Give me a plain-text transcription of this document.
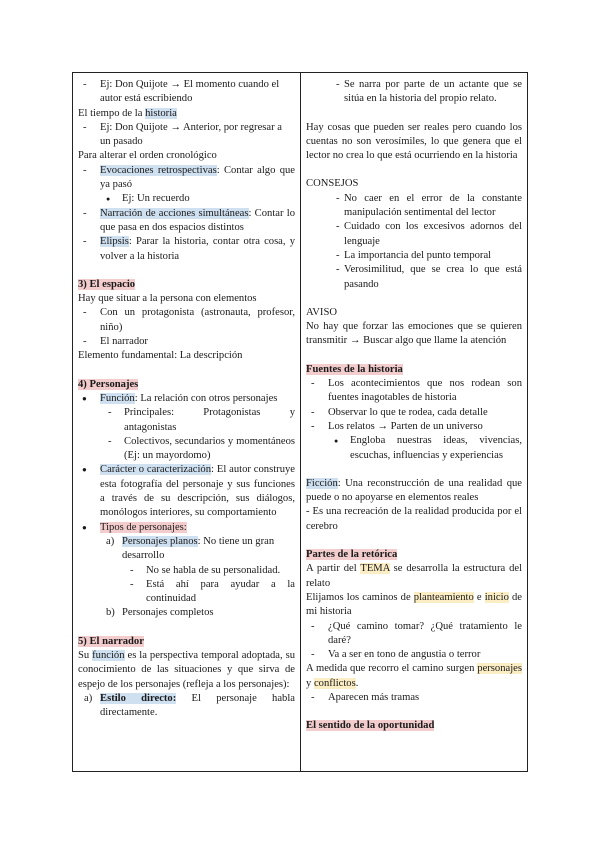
- Ej: Don Quijote → El momento cuando el
autor está escribiendo

El tiempo de la historia

- Ej: Don Quijote → Anterior, por regresar a
un pasado

Para alterar el orden cronológico

- Evocaciones retrospectivas: Contar algo que ya pasó

● Ej: Un recuerdo

- Narración de acciones simultáneas: Contar lo que pasa en dos espacios distintos

- Elipsis: Parar la historia, contar otra cosa, y volver a la historia

3) El espacio

Hay que situar a la persona con elementos

- Con un protagonista (astronauta, profesor, niño)

- El narrador

Elemento fundamental: La descripción

4) Personajes

● Función: La relación con otros personajes

- Principales: Protagonistas y antagonistas

- Colectivos, secundarios y momentáneos (Ej: un mayordomo)

● Carácter o caracterización: El autor construye esta fotografía del personaje y sus funciones a través de su descripción, sus diálogos, monólogos interiores, su comportamiento

● Tipos de personajes:

a) Personajes planos: No tiene un gran desarrollo

- No se habla de su personalidad.

- Está ahí para ayudar a la continuidad

b) Personajes completos

5) El narrador

Su función es la perspectiva temporal adoptada, su conocimiento de las situaciones y que sirva de espejo de los personajes (refleja a los personajes):

a) Estilo directo: El personaje habla directamente.

- Se narra por parte de un actante que se sitúa en la historia del propio relato.

Hay cosas que pueden ser reales pero cuando los cuentas no son verosímiles, lo que genera que el lector no crea lo que está ocurriendo en la historia

CONSEJOS

- No caer en el error de la constante manipulación sentimental del lector

- Cuidado con los excesivos adornos del lenguaje

- La importancia del punto temporal

- Verosimilitud, que se crea lo que está pasando

AVISO

No hay que forzar las emociones que se quieren transmitir → Buscar algo que llame la atención

Fuentes de la historia

- Los acontecimientos que nos rodean son fuentes inagotables de historia

- Observar lo que te rodea, cada detalle

- Los relatos → Parten de un universo

● Engloba nuestras ideas, vivencias, escuchas, influencias y experiencias

Ficción: Una reconstrucción de una realidad que puede o no apoyarse en elementos reales

- Es una recreación de la realidad producida por el cerebro

Partes de la retórica

A partir del TEMA se desarrolla la estructura del relato

Elijamos los caminos de planteamiento e inicio de mi historia

- ¿Qué camino tomar? ¿Qué tratamiento le daré?

- Va a ser en tono de angustia o terror

A medida que recorro el camino surgen personajes y conflictos.

- Aparecen más tramas

El sentido de la oportunidad
